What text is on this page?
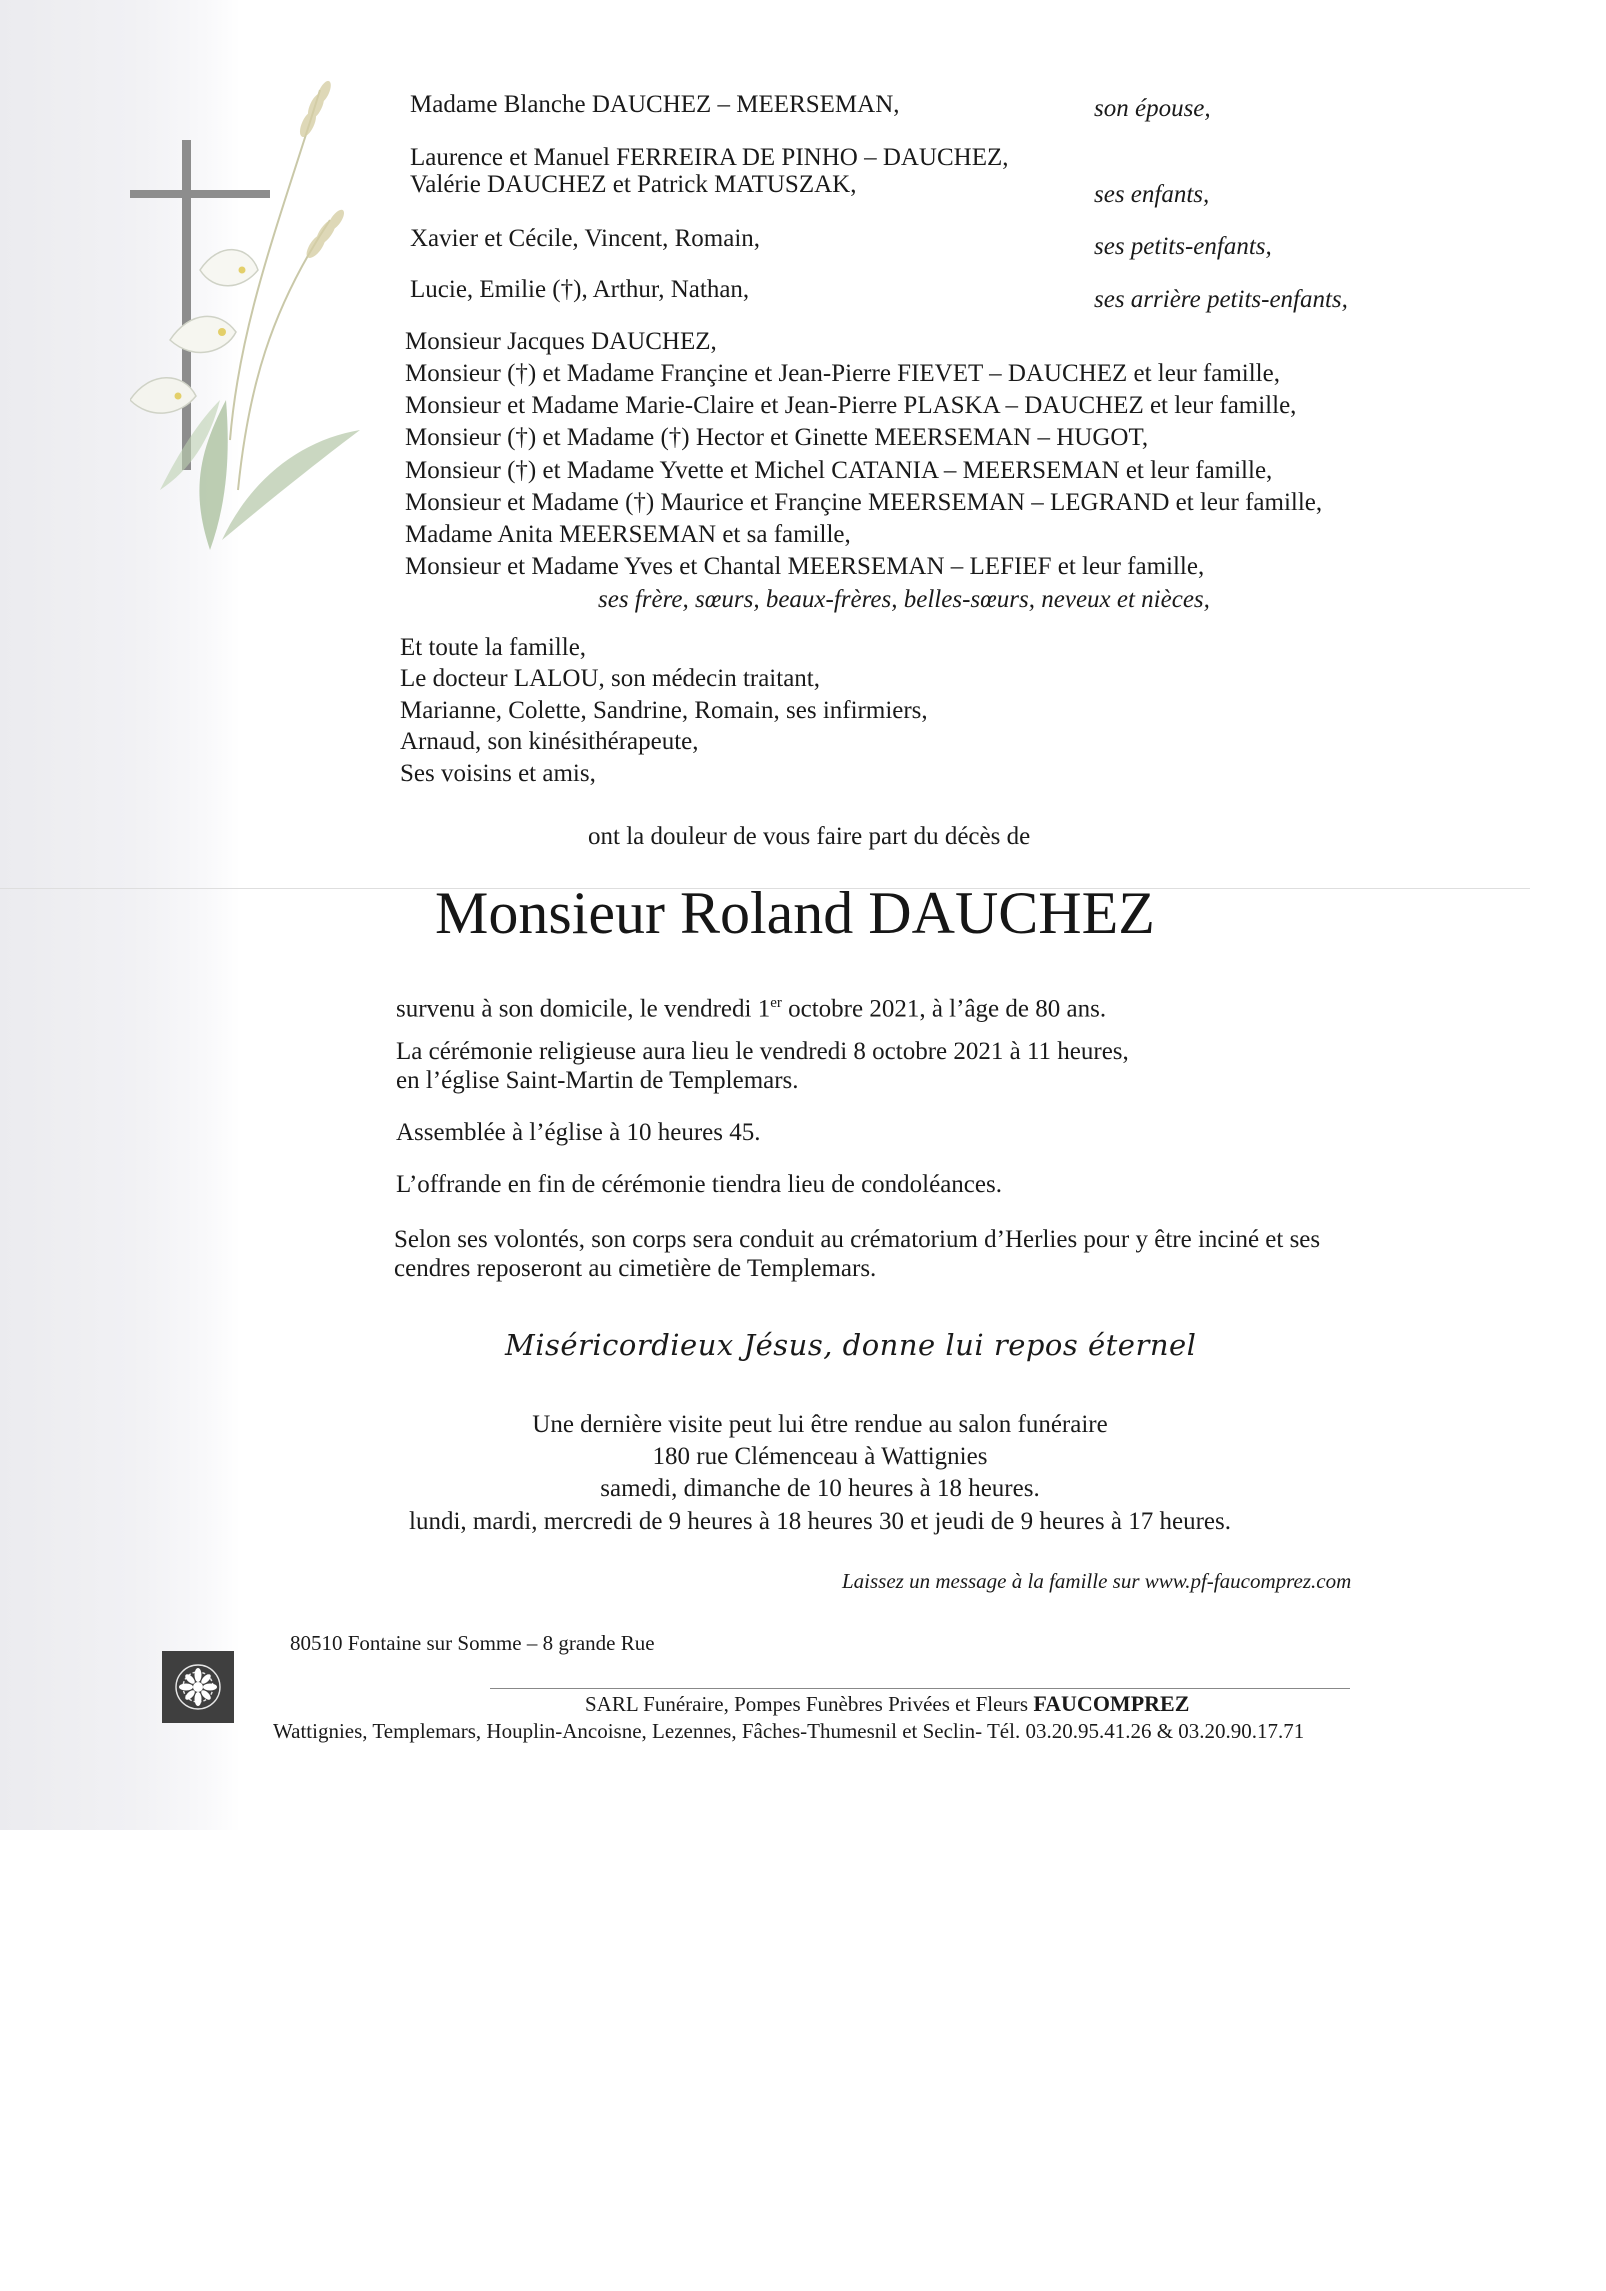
Madame Blanche DAUCHEZ – MEERSEMAN,	son épouse,
Laurence et Manuel FERREIRA DE PINHO – DAUCHEZ,
Valérie DAUCHEZ et Patrick MATUSZAK,	ses enfants,
Xavier et Cécile, Vincent, Romain,	ses petits-enfants,
Lucie, Emilie (†), Arthur, Nathan,	ses arrière petits-enfants,
Monsieur Jacques DAUCHEZ,
Monsieur (†) et Madame Françine et Jean-Pierre FIEVET – DAUCHEZ et leur famille,
Monsieur et Madame Marie-Claire et Jean-Pierre PLASKA – DAUCHEZ et leur famille,
Monsieur (†) et Madame (†) Hector et Ginette MEERSEMAN – HUGOT,
Monsieur (†) et Madame Yvette et Michel CATANIA – MEERSEMAN et leur famille,
Monsieur et Madame (†) Maurice et Françine MEERSEMAN – LEGRAND et leur famille,
Madame Anita MEERSEMAN et sa famille,
Monsieur et Madame Yves et Chantal MEERSEMAN – LEFIEF et leur famille,
ses frère, sœurs, beaux-frères, belles-sœurs, neveux et nièces,
Et toute la famille,
Le docteur LALOU, son médecin traitant,
Marianne, Colette, Sandrine, Romain, ses infirmiers,
Arnaud, son kinésithérapeute,
Ses voisins et amis,
ont la douleur de vous faire part du décès de
Monsieur Roland DAUCHEZ
survenu à son domicile, le vendredi 1er octobre 2021, à l’âge de 80 ans.
La cérémonie religieuse aura lieu le vendredi 8 octobre 2021 à 11 heures,
en l’église Saint-Martin de Templemars.
Assemblée à l’église à 10 heures 45.
L’offrande en fin de cérémonie tiendra lieu de condoléances.
Selon ses volontés, son corps sera conduit au crématorium d’Herlies pour y être inciné et ses
cendres reposeront au cimetière de Templemars.
Miséricordieux Jésus, donne lui repos éternel
Une dernière visite peut lui être rendue au salon funéraire
180 rue Clémenceau à Wattignies
samedi, dimanche de 10 heures à 18 heures.
lundi, mardi, mercredi de 9 heures à 18 heures 30 et jeudi de 9 heures à 17 heures.
Laissez un message à la famille sur www.pf-faucomprez.com
80510 Fontaine sur Somme – 8 grande Rue
SARL Funéraire, Pompes Funèbres Privées et Fleurs FAUCOMPREZ
Wattignies, Templemars, Houplin-Ancoisne, Lezennes, Fâches-Thumesnil et Seclin- Tél. 03.20.95.41.26 & 03.20.90.17.71
